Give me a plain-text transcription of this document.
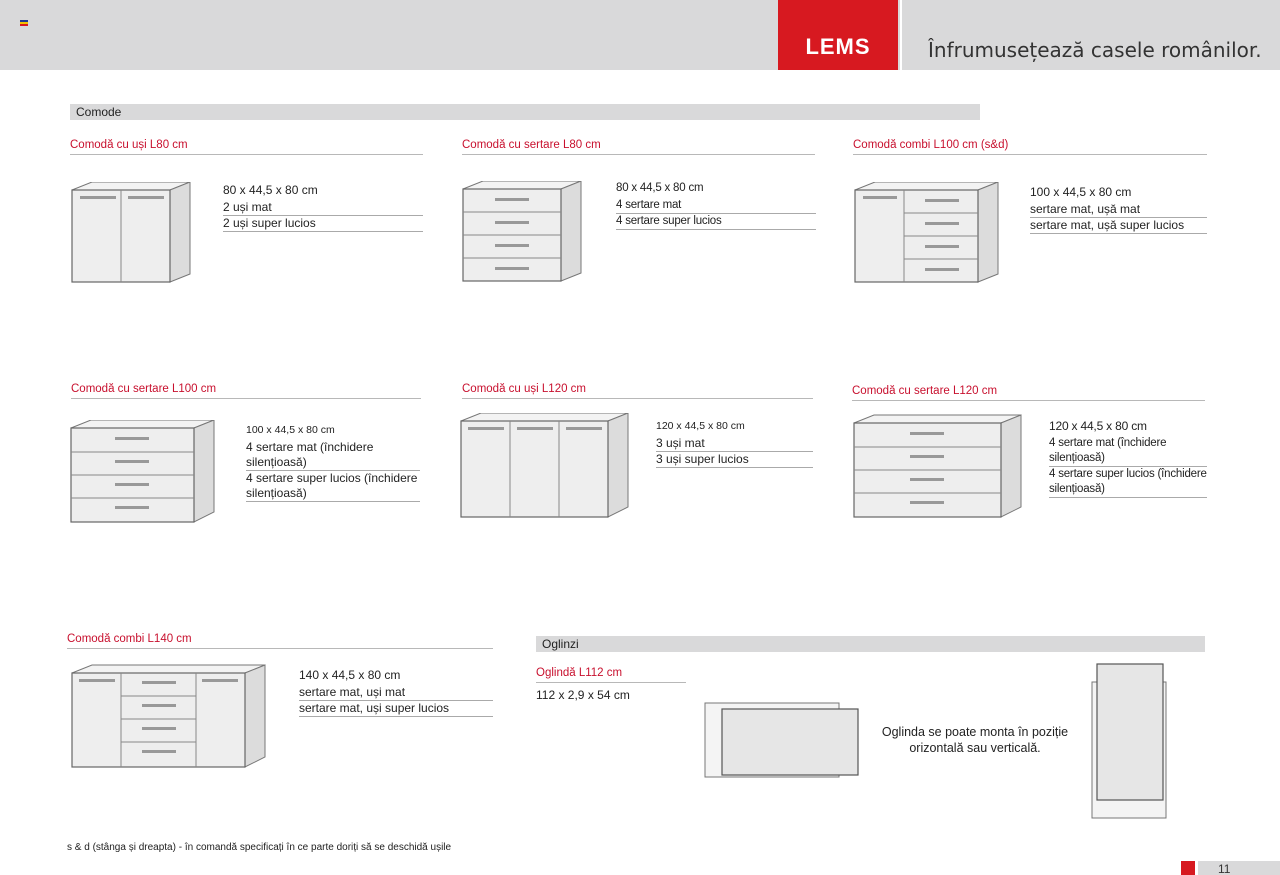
LEMS	Înfrumusețează casele românilor.
Comode
Comodă cu uși L80 cm
80 x 44,5 x 80 cm
2 uși mat
2 uși super lucios
Comodă cu sertare L80 cm
80 x 44,5 x 80 cm
4 sertare mat
4 sertare super lucios
Comodă combi L100 cm (s&d)
100 x 44,5 x 80 cm
sertare mat, ușă mat
sertare mat, ușă super lucios
Comodă cu sertare L100 cm
100 x 44,5 x 80 cm
4 sertare mat (închidere silențioasă)
4 sertare super lucios (închidere silențioasă)
Comodă cu uși L120 cm
120 x 44,5 x 80 cm
3 uși mat
3 uși super lucios
Comodă cu sertare L120 cm
120 x 44,5 x 80 cm
4 sertare mat (închidere silențioasă)
4 sertare super lucios (închidere silențioasă)
Comodă combi L140 cm
140 x 44,5 x 80 cm
sertare mat, uși mat
sertare mat, uși super lucios
Oglinzi
Oglindă L112 cm
112 x 2,9 x 54 cm
Oglinda se poate monta în poziție orizontală sau verticală.
s & d (stânga și dreapta) - în comandă specificați în ce parte doriți să se deschidă ușile
11
